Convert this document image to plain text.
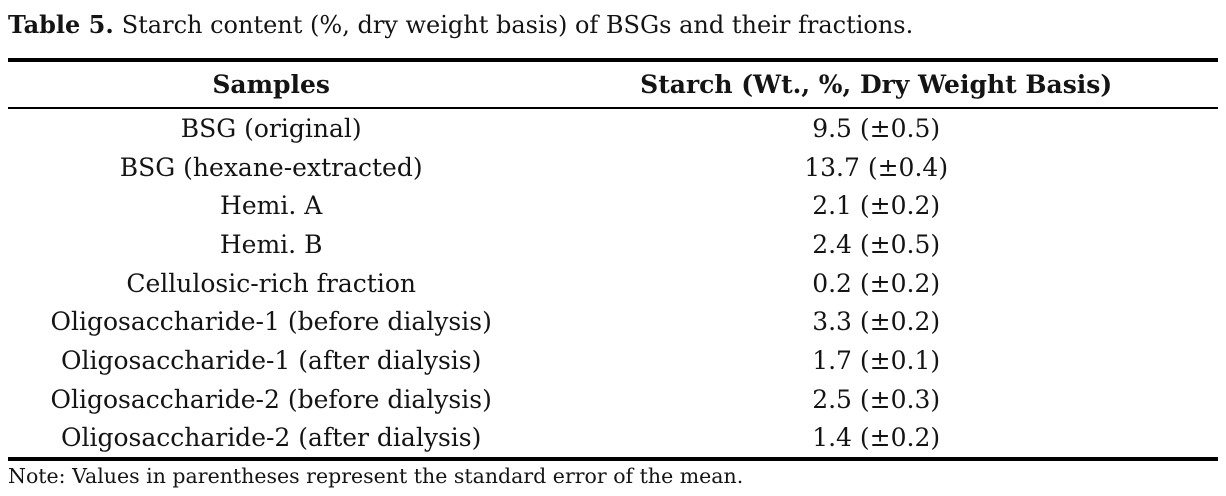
Table 5. Starch content (%, dry weight basis) of BSGs and their fractions.

Samples	Starch (Wt., %, Dry Weight Basis)
BSG (original)	9.5 (±0.5)
BSG (hexane-extracted)	13.7 (±0.4)
Hemi. A	2.1 (±0.2)
Hemi. B	2.4 (±0.5)
Cellulosic-rich fraction	0.2 (±0.2)
Oligosaccharide-1 (before dialysis)	3.3 (±0.2)
Oligosaccharide-1 (after dialysis)	1.7 (±0.1)
Oligosaccharide-2 (before dialysis)	2.5 (±0.3)
Oligosaccharide-2 (after dialysis)	1.4 (±0.2)

Note: Values in parentheses represent the standard error of the mean.
